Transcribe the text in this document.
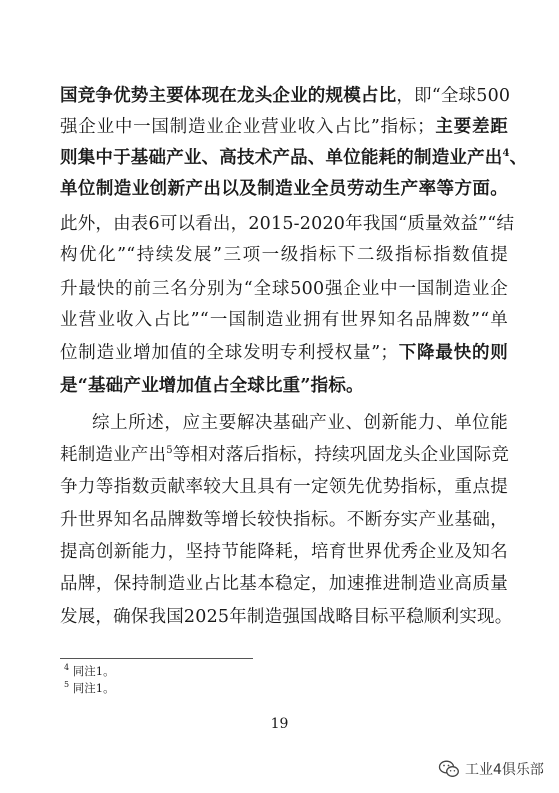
国竞争优势主要体现在龙头企业的规模占比，即“全球500
强企业中一国制造业企业营业收入占比”指标；主要差距
则集中于基础产业、高技术产品、单位能耗的制造业产出$^4$、
单位制造业创新产出以及制造业全员劳动生产率等方面。
此外，由表6可以看出，2015-2020年我国“质量效益”“结
构优化”“持续发展”三项一级指标下二级指标指数值提
升最快的前三名分别为“全球500强企业中一国制造业企
业营业收入占比”“一国制造业拥有世界知名品牌数”“单
位制造业增加值的全球发明专利授权量”；下降最快的则
是“基础产业增加值占全球比重”指标。
综上所述，应主要解决基础产业、创新能力、单位能
耗制造业产出$^5$等相对落后指标，持续巩固龙头企业国际竞
争力等指数贡献率较大且具有一定领先优势指标，重点提
升世界知名品牌数等增长较快指标。不断夯实产业基础，
提高创新能力，坚持节能降耗，培育世界优秀企业及知名
品牌，保持制造业占比基本稳定，加速推进制造业高质量
发展，确保我国2025年制造强国战略目标平稳顺利实现。
$^4$ 同注1。
$^5$ 同注1。
19
工业4俱乐部
